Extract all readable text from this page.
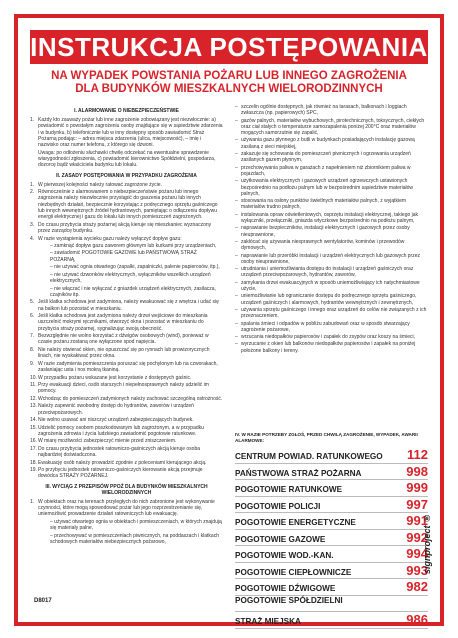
INSTRUKCJA POSTĘPOWANIA
NA WYPADEK POWSTANIA POŻARU LUB INNEGO ZAGROŻENIA
DLA BUDYNKÓW MIESZKALNYCH WIELORODZINNYCH
I. ALARMOWANIE O NIEBEZPIECZEŃSTWIE
1. Każdy kto zauważy pożar lub inne zagrożenie zobowiązany jest niezwłocznie: a) powiadomić o powstałym zagrożeniu osoby znajdujące się w sąsiedztwie zdarzenia i w budynku, b) telefonicznie lub w inny dostępny sposób zawiadomić Straż Pożarną podając: – adres miejsca zdarzenia (ulica, miejscowość), – imię i nazwisko oraz numer telefonu, z którego się dzwoni.
Uwaga: po odłożeniu słuchawki chwilę odczekać na ewentualne sprawdzenie wiarygodności zgłoszenia, c) powiadomić kierownictwo Spółdzielni, gospodarza, dozorcę bądź właściciela budynku lub lokalu.
II. ZASADY POSTĘPOWANIA W PRZYPADKU ZAGROŻENIA
1. W pierwszej kolejności należy ratować zagrożone życie.
2. Równocześnie z alarmowaniem o niebezpieczeństwie pożaru lub innego zagrożenia należy niezwłocznie przystąpić do gaszenia pożaru lub innych niezbędnych działań, bezpiecznie korzystając z podręcznego sprzętu gaśniczego lub innych wewnętrznych źródeł hydrantowych, pamiętając o odłączeniu dopływu energii elektrycznej i gazu do lokalu lub innych pomieszczeń zagrożonych.
3. Do czasu przybycia straży pożarnej akcją kieruje się mieszkaniec wyznaczony przez zarządcę budynku.
4. W razie wystąpienia wycieku gazu należy wyłączyć dopływ gazu:
– zamknąć dopływ gazu zaworem głównym lub kurkami przy urządzeniach,
– zawiadomić POGOTOWIE GAZOWE lub PAŃSTWOWĄ STRAŻ POŻARNĄ,
– nie używać ognia otwartego (zapalki, zapalniczki, palenie papierosów, itp.),
– nie używać dzwonków elektrycznych, wyłączników wszelkich urządzeń elektrycznych,
– nie włączać i nie wyłączać z gniazdek urządzeń elektrycznych, zasilacza, czajników itp.
5. Jeśli klatka schodowa jest zadymiona, należy ewakuować się z wnętrza i udać się na balkon lub pozostać w mieszkaniu.
6. Jeśli klatka schodowa jest zadymiona należy drzwi wejściowe do mieszkania uszczelnić mokrymi ręcznikami, otworzyć okna i pozostać w mieszkaniu do przybycia straży pożarnej, sygnalizując swoją obecność.
7. Bezwzględnie nie wolno korzystać z dźwigów osobowych (wind), ponieważ w czasie pożaru zostaną one wyłączone spod napięcia.
8. Nie należy otwierać okien, nie opuszczać się po rynnach lub prowizorycznych linach, nie wyskakiwać przez okna.
9. W razie zadymienia pomieszczenia poruszać się pochylonym lub na czworakach, zasłaniając usta i nos mokrą tkaniną.
10. W przypadku pożaru wskazane jest korzystanie z dostępnych gaśnic.
11. Przy ewakuacji dzieci, osób starszych i niepełnosprawnych należy udzielić im pomocy.
12. Wchodząc do pomieszczeń zadymionych należy zachować szczególną ostrożność.
13. Należy zapewnić swobodny dostęp do hydrantów, zaworów i urządzeń przeciwpożarowych.
14. Nie wolno usuwać ani niszczyć urządzeń zabezpieczających budynek.
15. Udzielić pomocy osobom poszkodowanym lub zagrożonym, a w przypadku zagrożenia zdrowia i życia ludzkiego zawiadomić pogotowie ratunkowe.
16. W miarę możliwości zabezpieczyć mienie przed zniszczeniem.
17. Do czasu przybycia jednostek ratowniczo-gaśniczych akcją kieruje osoba najbardziej doświadczona.
18. Ewakuację osób należy prowadzić zgodnie z poleceniami kierującego akcją.
19. Po przybyciu jednostek ratowniczo-gaśniczych kierowanie akcją przejmuje dowódca STRAŻY POŻARNEJ.
III. WYCIĄG Z PRZEPISÓW PPOŻ DLA BUDYNKÓW MIESZKALNYCH WIELORODZINNYCH
1. W obiektach oraz na terenach przyległych do nich zabronione jest wykonywanie czynności, które mogą spowodować pożar lub jego rozprzestrzenianie się, uniemożliwić prowadzenie działań ratowniczych lub ewakuację.
– używać otwartego ognia w obiektach i pomieszczeniach, w których znajdują się materiały palne,
– przechowywać w pomieszczeniach piwnicznych, na poddaszach i klatkach schodowych materiałów niebezpiecznych pożarowo,
– szczelin ogólnie dostępnych, jak również na tarasach, balkonach i loggiach zwłaszcza (np. papierowych) SPC,
– gazów palnych, materiałów wybuchowych, pirotechnicznych, toksycznych, ciekłych oraz ciał stałych o temperaturze samozapalenia poniżej 200°C oraz materiałów mogących samorzutnie się zapalić,
– używania gazu płynnego z butli w budynkach posiadających instalację gazową zasilaną z sieci miejskiej,
– zakazuje się schowania do pomieszczeń piwnicznych i ogrzewania urządzeń zasilanych gazem płynnym,
– przechowywania paliwa w garażach z napełnieniem niż zbiornikiem paliwa w pojazdach,
– użytkowania elektrycznych i gazowych urządzeń ogrzewczych ustawionych bezpośrednio na podłożu palnym lub w bezpośrednim sąsiedztwie materiałów palnych,
– stosowania na osłony punktów świetlnych materiałów palnych, z wyjątkiem materiałów trudno palnych,
– instalowania opraw oświetleniowych, osprzętu instalacji elektrycznej, takiego jak wyłączniki, przełączniki, gniazda wtyczkowe bezpośrednio na podłożu palnym,
– naprawianie bezpieczników, instalacji elektrycznych i gazowych przez osoby nieuprawnione,
– zakłócać się używania niesprawnych wentylatorów, kominów i przewodów dymowych,
– naprawianie lub przeróbki instalacji i urządzeń elektrycznych lub gazowych przez osoby nieuprawnione,
– utrudniania i uniemożliwiania dostępu do instalacji i urządzeń gaśniczych oraz urządzeń przeciwpożarowych, hydrantów, zaworów,
– zamykania drzwi ewakuacyjnych w sposób uniemożliwiający ich natychmiastowe użycie,
– uniemożliwianie lub ograniczanie dostępu do podręcznego sprzętu gaśniczego, urządzeń gaśniczych i alarmowych, hydrantów wewnętrznych i zewnętrznych,
– używania sprzętu gaśniczego i innego oraz urządzeń do celów nie związanych z ich przeznaczeniem,
– spalania śmieci i odpadów w pobliżu zabudowań oraz w sposób stwarzający zagrożenie pożarowe,
– wrzucania niedopałków papierosów i zapałek do zsypów oraz koszy na śmieci,
– wyrzucanie z okien lub balkonów niedopałków papierosów i zapałek na poniżej położone balkony i tereny.
IV. W RAZIE POTRZEBY ZGŁOŚ, PRZED CHWILĄ ZAGROŻENIE, WYPADEK, AWARII ALARMOWE:
CENTRUM POWIAD. RATUNKOWEGO 112
PAŃSTWOWA STRAŻ POŻARNA	998
POGOTOWIE RATUNKOWE	999
POGOTOWIE POLICJI	997
POGOTOWIE ENERGETYCZNE	991
POGOTOWIE GAZOWE	992
POGOTOWIE WOD.-KAN.	994
POGOTOWIE CIEPŁOWNICZE	993
POGOTOWIE DŹWIGOWE	982
POGOTOWIE SPÓŁDZIELNI
STRAŻ MIEJSKA	986
D8017
signproject ®
